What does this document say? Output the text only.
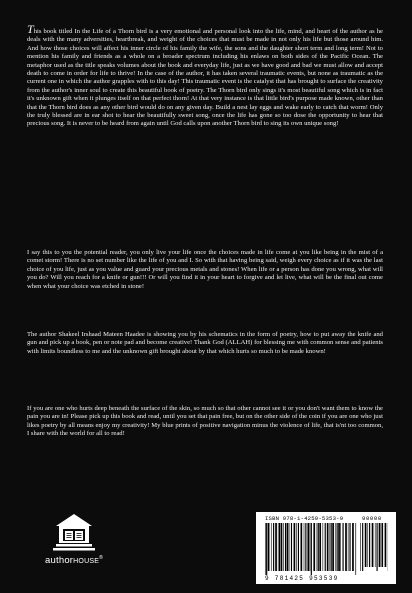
This book titled In the Life of a Thorn bird is a very emotional and personal look into the life, mind, and heart of the author as he deals with the many adversities, heartbreak, and weight of the choices that must be made in not only his life but those around him. And how those choices will affect his inner circle of his family the wife, the sons and the daughter short term and long term! Not to mention his family and friends as a whole on a broader spectrum including his enlaws on both sides of the Pacific Ocean. The metaphor used as the title speaks volumes about the book and everyday life, just as we have good and bad we must allow and accept death to come in order for life to thrive! In the case of the author, it has taken several traumatic events, but none as traumatic as the current one in which the author grapples with to this day! This traumatic event is the catalyst that has brought to surface the creativity from the author's inner soul to create this beautiful book of poetry. The Thorn bird only sings it's most beautiful song which is in fact it's unknown gift when it plunges itself on that perfect thorn! At that very instance is that little bird's purpose made known, other than that the Thorn bird does as any other bird would do on any given day. Build a nest lay eggs and wake early to catch that worm! Only the truly blessed are in ear shot to hear the beautifully sweet song, once the life has gone so too dose the opportunity to hear that precious song. It is never to be heard from again until God calls upon another Thorn bird to sing its own unique song!

I say this to you the potential reader, you only live your life once the choices made in life come at you like being in the mist of a comet storm! There is no set number like the life of you and I. So with that having being said, weigh every choice as if it was the last choice of you life, just as you value and guard your precious metals and stones! When life or a person has done you wrong, what will you do? Will you reach for a knife or gun!!! Or will you find it in your heart to forgive and let live, what will be the final out come when what your choice was etched in stone!

The author Shakeel Irshaad Mateen Haadee is showing you by his schematics in the form of poetry, how to put away the knife and gun and pick up a book, pen or note pad and become creative! Thank God (ALLAH) for blessing me with common sense and patients with limits boundless to me and the unknown gift brought about by that which hurts so much to be made known!

If you are one who hurts deep beneath the surface of the skin, so much so that other cannot see it or you don't want them to know the pain you are in! Please pick up this book and read, until you set that pain free, but on the other side of the coin if you are one who just likes poetry by all means enjoy my creativity! My blue prints of positive navigation minus the violence of life, that is'nt too common, I share with the world for all to read!

authorHOUSE®
ISBN 978-1-4259-5353-9	90000
9 781425 953539
